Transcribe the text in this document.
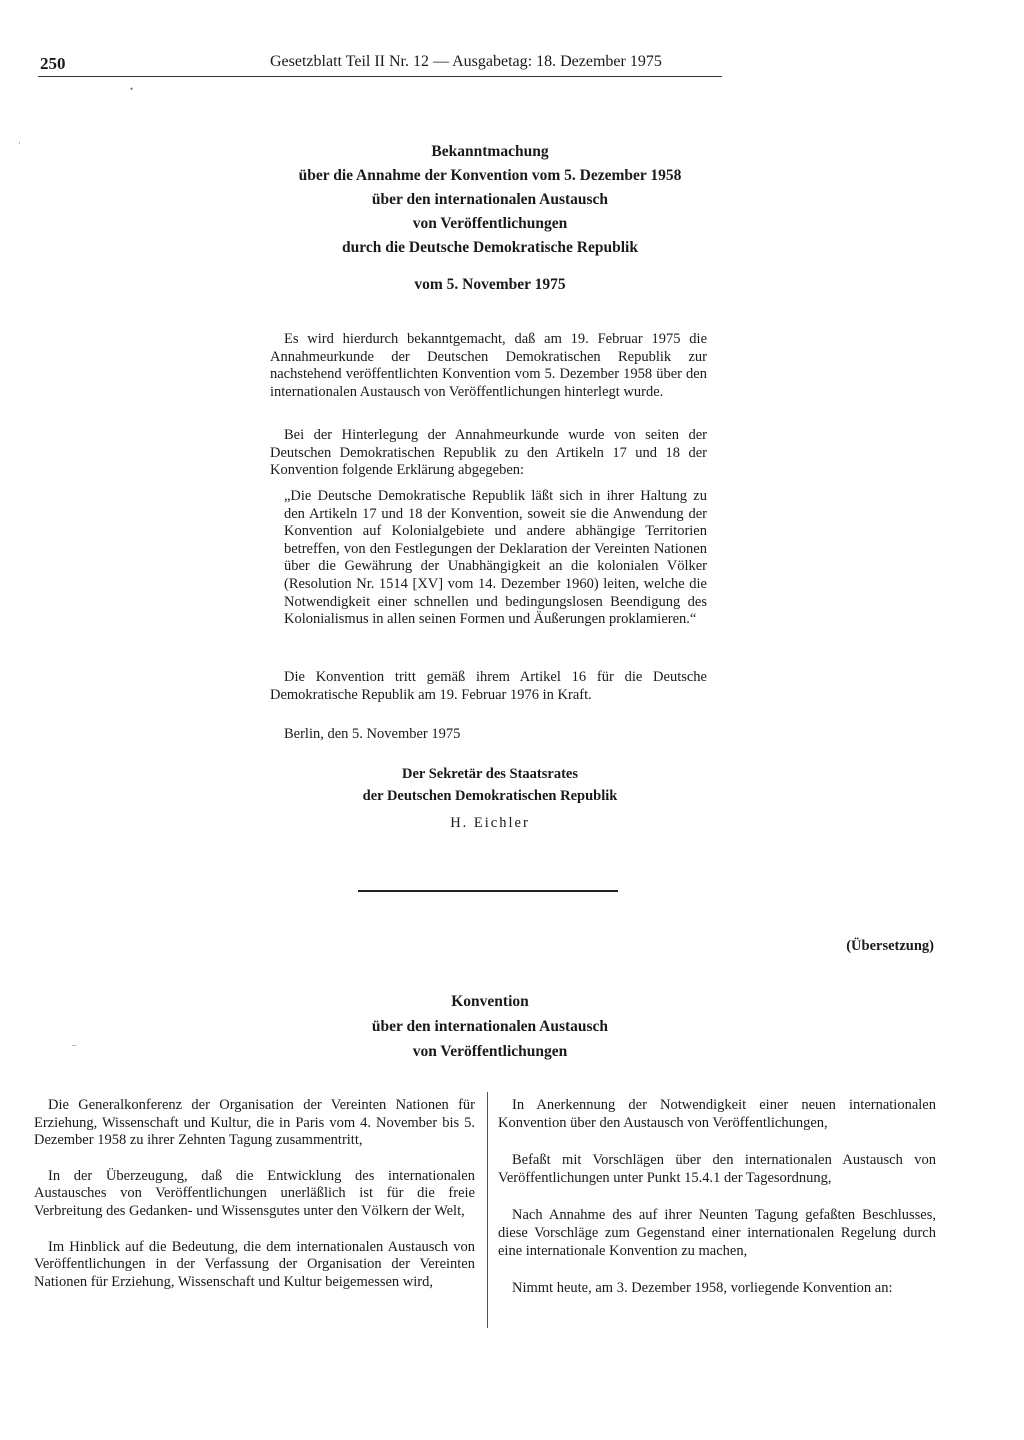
250	Gesetzblatt Teil II Nr. 12 — Ausgabetag: 18. Dezember 1975
•
·
–
Bekanntmachung
über die Annahme der Konvention vom 5. Dezember 1958
über den internationalen Austausch
von Veröffentlichungen
durch die Deutsche Demokratische Republik
vom 5. November 1975
Es wird hierdurch bekanntgemacht, daß am 19. Februar 1975 die Annahmeurkunde der Deutschen Demokratischen Republik zur nachstehend veröffentlichten Konvention vom 5. Dezember 1958 über den internationalen Austausch von Veröffentlichungen hinterlegt wurde.
Bei der Hinterlegung der Annahmeurkunde wurde von seiten der Deutschen Demokratischen Republik zu den Artikeln 17 und 18 der Konvention folgende Erklärung abgegeben:
„Die Deutsche Demokratische Republik läßt sich in ihrer Haltung zu den Artikeln 17 und 18 der Konvention, soweit sie die Anwendung der Konvention auf Kolonialgebiete und andere abhängige Territorien betreffen, von den Festlegungen der Deklaration der Vereinten Nationen über die Gewährung der Unabhängigkeit an die kolonialen Völker (Resolution Nr. 1514 [XV] vom 14. Dezember 1960) leiten, welche die Notwendigkeit einer schnellen und bedingungslosen Beendigung des Kolonialismus in allen seinen Formen und Äußerungen proklamieren.“
Die Konvention tritt gemäß ihrem Artikel 16 für die Deutsche Demokratische Republik am 19. Februar 1976 in Kraft.
Berlin, den 5. November 1975
Der Sekretär des Staatsrates
der Deutschen Demokratischen Republik
H. Eichler
(Übersetzung)
Konvention
über den internationalen Austausch
von Veröffentlichungen

Die Generalkonferenz der Organisation der Vereinten Nationen für Erziehung, Wissenschaft und Kultur, die in Paris vom 4. November bis 5. Dezember 1958 zu ihrer Zehnten Tagung zusammentritt,

In der Überzeugung, daß die Entwicklung des internationalen Austausches von Veröffentlichungen unerläßlich ist für die freie Verbreitung des Gedanken- und Wissensgutes unter den Völkern der Welt,

Im Hinblick auf die Bedeutung, die dem internationalen Austausch von Veröffentlichungen in der Verfassung der Organisation der Vereinten Nationen für Erziehung, Wissenschaft und Kultur beigemessen wird,

In Anerkennung der Notwendigkeit einer neuen internationalen Konvention über den Austausch von Veröffentlichungen,

Befaßt mit Vorschlägen über den internationalen Austausch von Veröffentlichungen unter Punkt 15.4.1 der Tagesordnung,

Nach Annahme des auf ihrer Neunten Tagung gefaßten Beschlusses, diese Vorschläge zum Gegenstand einer internationalen Regelung durch eine internationale Konvention zu machen,

Nimmt heute, am 3. Dezember 1958, vorliegende Konvention an:
